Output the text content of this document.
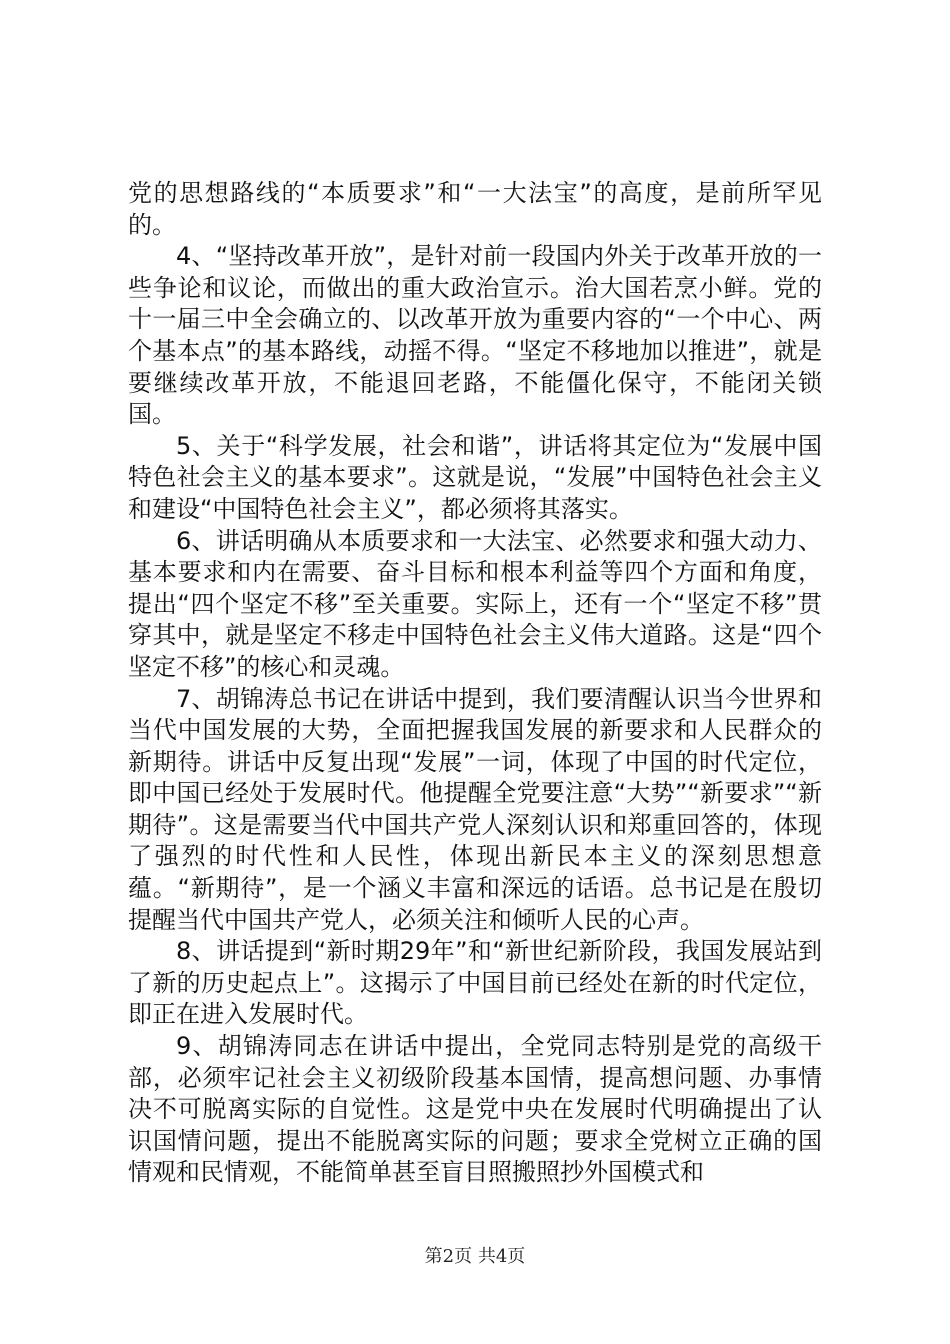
党的思想路线的“本质要求”和“一大法宝”的高度，是前所罕见的。

4、“坚持改革开放”，是针对前一段国内外关于改革开放的一些争论和议论，而做出的重大政治宣示。治大国若烹小鲜。党的十一届三中全会确立的、以改革开放为重要内容的“一个中心、两个基本点”的基本路线，动摇不得。“坚定不移地加以推进”，就是要继续改革开放，不能退回老路，不能僵化保守，不能闭关锁国。

5、关于“科学发展，社会和谐”，讲话将其定位为“发展中国特色社会主义的基本要求”。这就是说，“发展”中国特色社会主义和建设“中国特色社会主义”，都必须将其落实。

6、讲话明确从本质要求和一大法宝、必然要求和强大动力、基本要求和内在需要、奋斗目标和根本利益等四个方面和角度，提出“四个坚定不移”至关重要。实际上，还有一个“坚定不移”贯穿其中，就是坚定不移走中国特色社会主义伟大道路。这是“四个坚定不移”的核心和灵魂。

7、胡锦涛总书记在讲话中提到，我们要清醒认识当今世界和当代中国发展的大势，全面把握我国发展的新要求和人民群众的新期待。讲话中反复出现“发展”一词，体现了中国的时代定位，即中国已经处于发展时代。他提醒全党要注意“大势”“新要求”“新期待”。这是需要当代中国共产党人深刻认识和郑重回答的，体现了强烈的时代性和人民性，体现出新民本主义的深刻思想意蕴。“新期待”，是一个涵义丰富和深远的话语。总书记是在殷切提醒当代中国共产党人，必须关注和倾听人民的心声。

8、讲话提到“新时期29年”和“新世纪新阶段，我国发展站到了新的历史起点上”。这揭示了中国目前已经处在新的时代定位，即正在进入发展时代。

9、胡锦涛同志在讲话中提出，全党同志特别是党的高级干部，必须牢记社会主义初级阶段基本国情，提高想问题、办事情决不可脱离实际的自觉性。这是党中央在发展时代明确提出了认识国情问题，提出不能脱离实际的问题；要求全党树立正确的国情观和民情观，不能简单甚至盲目照搬照抄外国模式和

第2页 共4页
